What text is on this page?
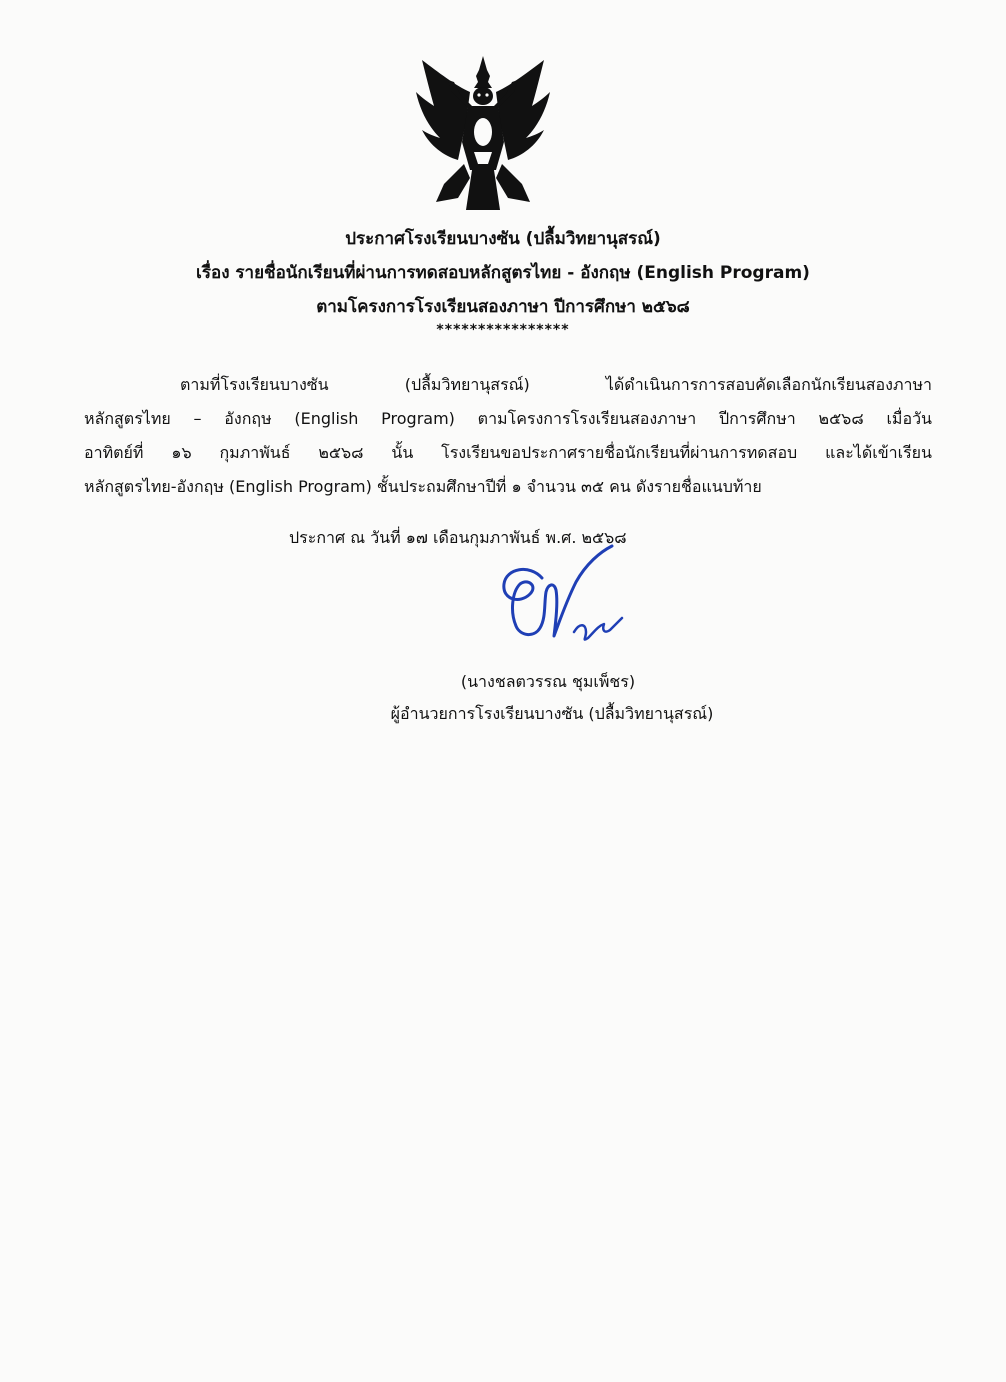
ประกาศโรงเรียนบางซัน (ปลื้มวิทยานุสรณ์)
เรื่อง รายชื่อนักเรียนที่ผ่านการทดสอบหลักสูตรไทย - อังกฤษ (English Program)
ตามโครงการโรงเรียนสองภาษา ปีการศึกษา ๒๕๖๘
****************
ตามที่โรงเรียนบางซัน (ปลื้มวิทยานุสรณ์) ได้ดำเนินการการสอบคัดเลือกนักเรียนสองภาษา
หลักสูตรไทย – อังกฤษ (English Program) ตามโครงการโรงเรียนสองภาษา ปีการศึกษา ๒๕๖๘ เมื่อวัน
อาทิตย์ที่ ๑๖ กุมภาพันธ์ ๒๕๖๘ นั้น โรงเรียนขอประกาศรายชื่อนักเรียนที่ผ่านการทดสอบ และได้เข้าเรียน
หลักสูตรไทย-อังกฤษ (English Program) ชั้นประถมศึกษาปีที่ ๑ จำนวน ๓๕ คน ดังรายชื่อแนบท้าย
ประกาศ ณ วันที่ ๑๗ เดือนกุมภาพันธ์ พ.ศ. ๒๕๖๘
(นางชลตวรรณ ชุมเพ็ชร)
ผู้อำนวยการโรงเรียนบางซัน (ปลื้มวิทยานุสรณ์)
